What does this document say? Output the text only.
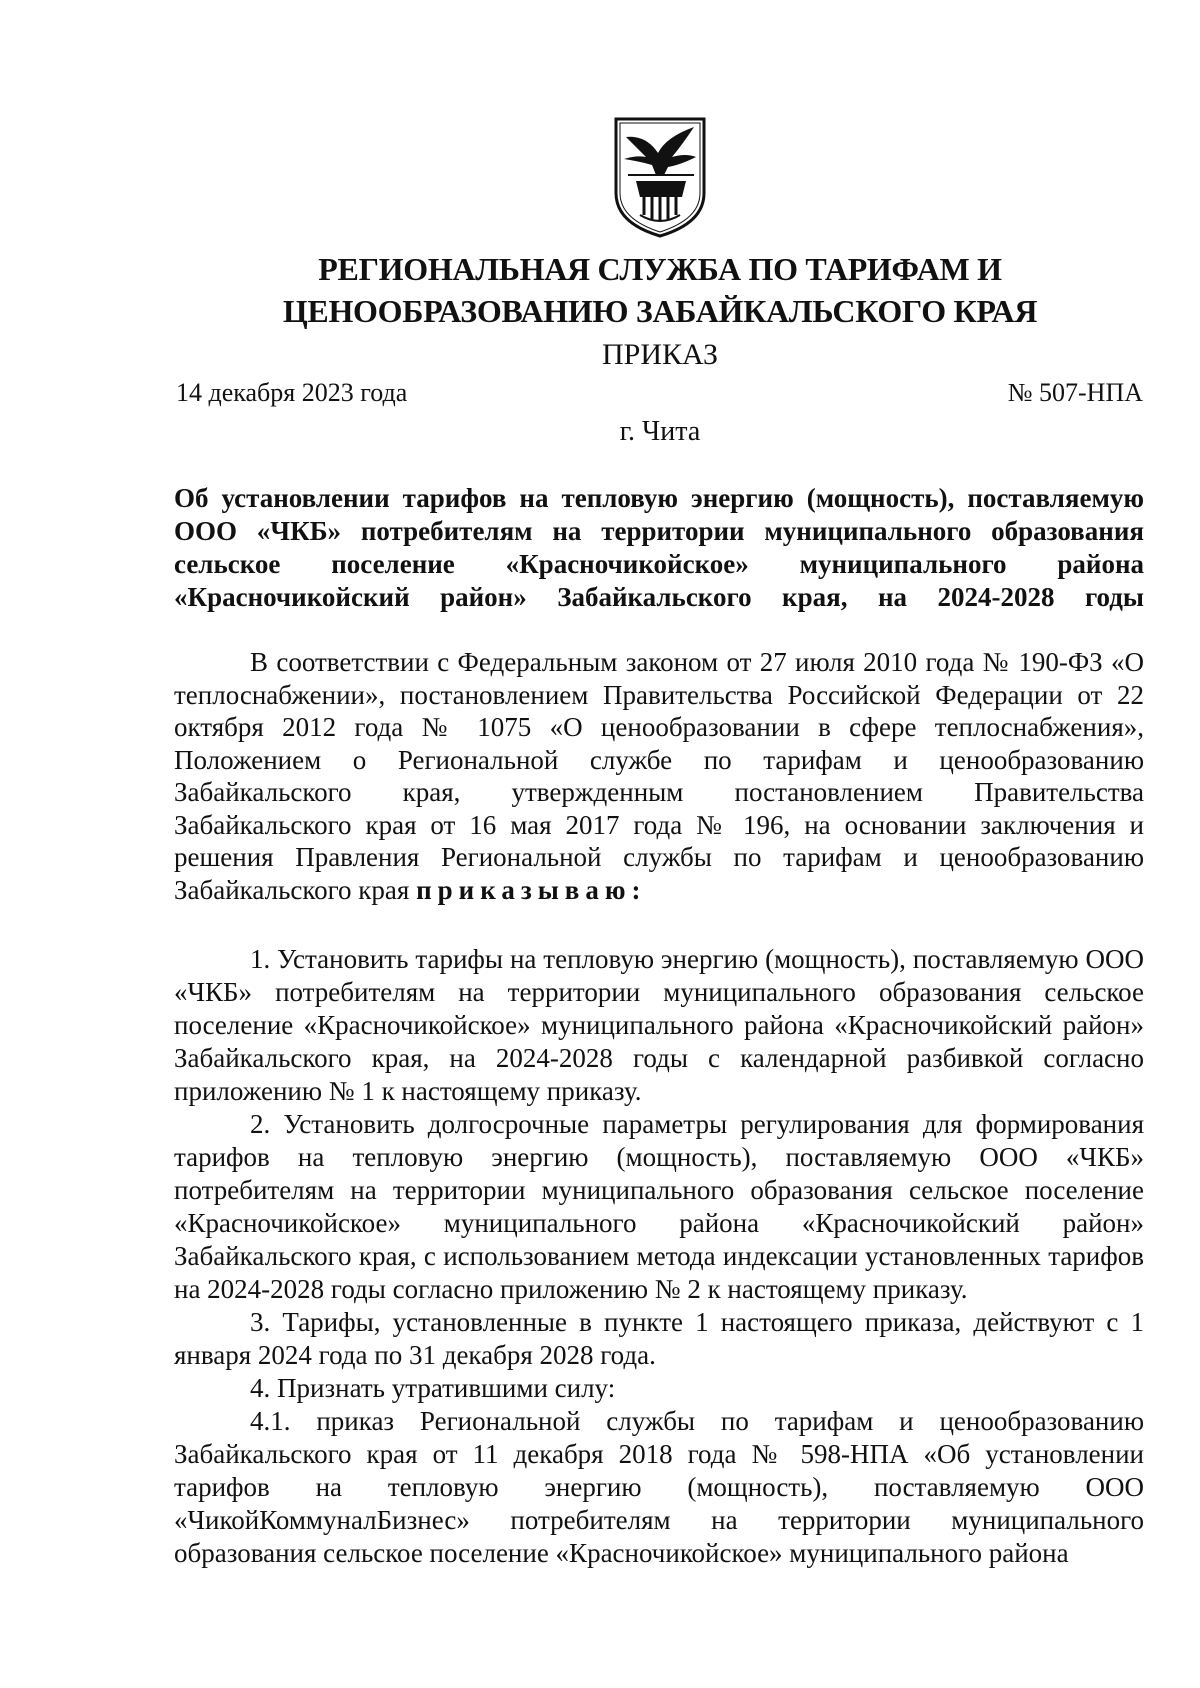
РЕГИОНАЛЬНАЯ СЛУЖБА ПО ТАРИФАМ И
ЦЕНООБРАЗОВАНИЮ ЗАБАЙКАЛЬСКОГО КРАЯ
ПРИКАЗ
14 декабря 2023 года	№ 507-НПА
г. Чита
Об установлении тарифов на тепловую энергию (мощность), поставляемую ООО «ЧКБ» потребителям на территории муниципального образования сельское поселение «Красночикойское» муниципального района «Красночикойский район» Забайкальского края, на 2024-2028 годы

В соответствии с Федеральным законом от 27 июля 2010 года № 190-ФЗ «О теплоснабжении», постановлением Правительства Российской Федерации от 22 октября 2012 года № 1075 «О ценообразовании в сфере теплоснабжения», Положением о Региональной службе по тарифам и ценообразованию Забайкальского края, утвержденным постановлением Правительства Забайкальского края от 16 мая 2017 года № 196, на основании заключения и решения Правления Региональной службы по тарифам и ценообразованию Забайкальского края приказываю:

1. Установить тарифы на тепловую энергию (мощность), поставляемую ООО «ЧКБ» потребителям на территории муниципального образования сельское поселение «Красночикойское» муниципального района «Красночикойский район» Забайкальского края, на 2024-2028 годы с календарной разбивкой согласно приложению № 1 к настоящему приказу.

2. Установить долгосрочные параметры регулирования для формирования тарифов на тепловую энергию (мощность), поставляемую ООО «ЧКБ» потребителям на территории муниципального образования сельское поселение «Красночикойское» муниципального района «Красночикойский район» Забайкальского края, с использованием метода индексации установленных тарифов на 2024-2028 годы согласно приложению № 2 к настоящему приказу.

3. Тарифы, установленные в пункте 1 настоящего приказа, действуют с 1 января 2024 года по 31 декабря 2028 года.

4. Признать утратившими силу:

4.1. приказ Региональной службы по тарифам и ценообразованию Забайкальского края от 11 декабря 2018 года № 598-НПА «Об установлении тарифов на тепловую энергию (мощность), поставляемую ООО «ЧикойКоммуналБизнес» потребителям на территории муниципального образования сельское поселение «Красночикойское» муниципального района
